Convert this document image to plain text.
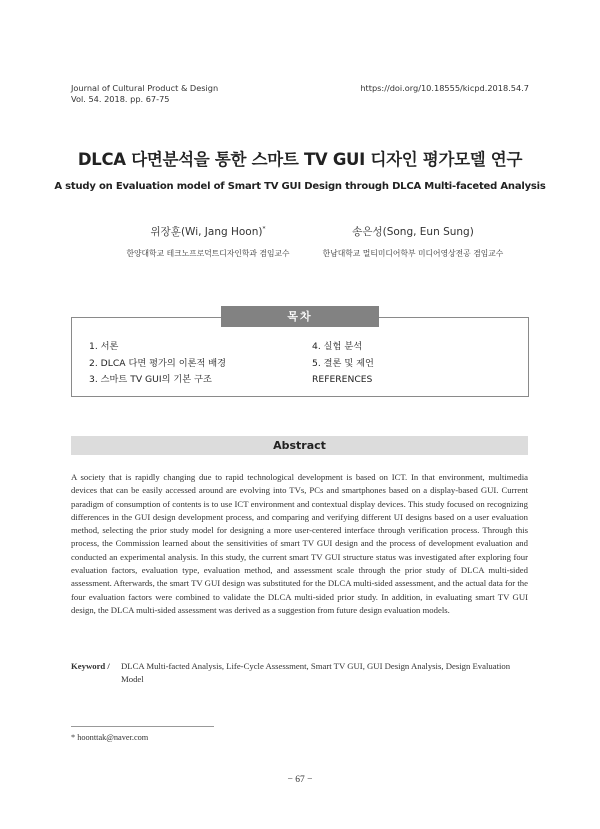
Journal of Cultural Product & Design
Vol. 54. 2018. pp. 67-75
https://doi.org/10.18555/kicpd.2018.54.7
DLCA 다면분석을 통한 스마트 TV GUI 디자인 평가모델 연구
A study on Evaluation model of Smart TV GUI Design through DLCA Multi-faceted Analysis
위장훈(Wi, Jang Hoon)*
한양대학교 테크노프로덕트디자인학과 겸임교수
송은성(Song, Eun Sung)
한남대학교 멀티미디어학부 미디어영상전공 겸임교수
목차
1. 서론
2. DLCA 다면 평가의 이론적 배경
3. 스마트 TV GUI의 기본 구조
4. 실험 분석
5. 결론 및 제언
REFERENCES
Abstract
A society that is rapidly changing due to rapid technological development is based on ICT. In that environment, multimedia devices that can be easily accessed around are evolving into TVs, PCs and smartphones based on a display-based GUI. Current paradigm of consumption of contents is to use ICT environment and contextual display devices. This study focused on recognizing differences in the GUI design development process, and comparing and verifying different UI designs based on a user evaluation method, selecting the prior study model for designing a more user-centered interface through verification process. Through this process, the Commission learned about the sensitivities of smart TV GUI design and the process of development evaluation and conducted an experimental analysis. In this study, the current smart TV GUI structure status was investigated after exploring four evaluation factors, evaluation type, evaluation method, and assessment scale through the prior study of DLCA multi-sided assessment. Afterwards, the smart TV GUI design was substituted for the DLCA multi-sided assessment, and the actual data for the four evaluation factors were combined to validate the DLCA multi-sided prior study. In addition, in evaluating smart TV GUI design, the DLCA multi-sided assessment was derived as a suggestion from future design evaluation models.
Keyword / DLCA Multi-facted Analysis, Life-Cycle Assessment, Smart TV GUI, GUI Design Analysis, Design Evaluation Model
* hoonttak@naver.com
− 67 −
